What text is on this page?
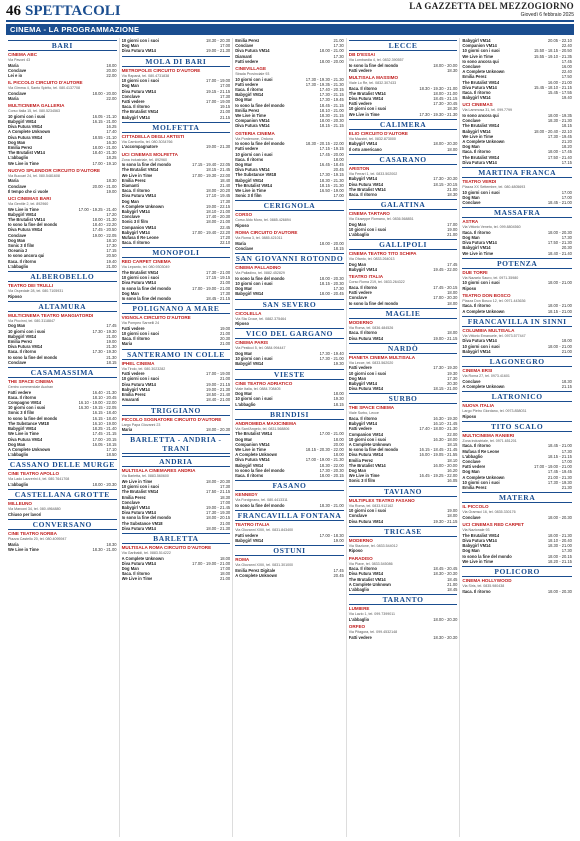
46 SPETTACOLI	LA GAZZETTA DEL MEZZOGIORNO
Giovedì 6 febbraio 2025
CINEMA - LA PROGRAMMAZIONE
BARI
CINEMA ABC
Via Pavoni 43
Maria	18.00
Conclave	20.00
Lei e io	22.00
IL PICCOLO CIRCUITO D'AUTORE
Via Gimma 4, Santo Spirito, tel. 080.4137708
Conclave	18.00 - 20.00
Maria	22.00
MULTICINEMA GALLERIA
Corso Italia 15, tel. 080.5234563
10 giorni con i suoi	16.05 - 21.10
Babygirl VM14	16.15 - 21.00
Diva Futura VM14	16.25
A Complete Unknown	17.40
Diva Futura VM14	18.55 - 21.10
Dog Man	16.30
Emilia Perez	18.00 - 21.00
The Brutalist VM14	18.40 - 21.30
L'abbaglio	18.25
We Live in Time	17.00 - 19.10
NUOVO SPLENDOR CIRCUITO D'AUTORE
Via Buccari 24, tel. 080.5481608
Maria	18.30
Conclave	20.00 - 21.00
Il tempo che ci vuole	19.00
UCI CINEMAS BARI
Via Gentile 2, tel. 892960
We Live in Time	17.00 - 19.25 - 21.40
Babygirl VM14	17.20
The Brutalist VM14	18.00 - 21.30
Io sono la fine del mondo	18.40 - 22.20
Diva Futura VM14	17.45 - 20.50
Conclave	19.00 - 22.05
Dog Man	18.10
Sonic 3 Il film	17.30
Oceania 2	17.15
Io sono ancora qui	20.50
Itaca. Il ritorno	19.40
L'abbaglio	21.00
ALBEROBELLO
TEATRO DEI TRULLI
Via Ospedale 28, tel. 080.7105931
Riposo
ALTAMURA
MULTICINEMA TEATRO MANGIATORDI
Via Piccinni, tel. 080.3118847
Dog Man	17.45
10 giorni con i suoi	17.30 - 19.30
Babygirl VM14	21.00
Emilia Perez	19.00
Diva Futura VM14	21.30
Itaca. Il ritorno	17.30 - 19.30
Io sono la fine del mondo	21.30
Conclave	18.15
CASAMASSIMA
THE SPACE CINEMA
Centro commerciale Auchan
Fatti vedere	16.40 - 21.30
Itaca. Il ritorno	18.10 - 20.45
Compagno VM14	16.10 - 19.00 - 22.00
10 giorni con i suoi	16.30 - 19.15 - 22.05
Sonic 3 Il film	16.15 - 18.40
Io sono la fine del mondo	16.15 - 18.40
The Substance VM18	16.10 - 19.00
Babygirl VM14	18.25 - 21.40
We Live in Time	17.45 - 21.15
Diva Futura VM14	17.00 - 20.15
Dog Man	16.05 - 18.15
A Complete Unknown	17.10
L'abbaglio	18.50
CASSANO DELLE MURGE
CINE TEATRO APOLLO
Via Lado Lazzerini 4, tel. 080.7641708
L'abbaglio	18.00 - 20.30
CASTELLANA GROTTE
MILLEUNO
Via Marconi 34, tel. 080.4964880
Chiuso per lavori
CONVERSANO
CINE TEATRO NORBA
Piazza Castello 20, tel. 080.4095947
Maria	18.30
We Live in Time	18.30 - 21.00
10 giorni con i suoi	18.30 - 20.30
Dog Man	17.00
Diva Futura VM14	19.00 - 21.30
MOLA DI BARI
METROPOLIS CIRCUITO D'AUTORE
Via Rapanà, tel. 080.4731838
10 giorni con i suoi	17.00 - 19.00
Dog Man	17.00
Diva Futura VM14	19.15 - 21.15
Conclave	17.30
Fatti vedere	17.00 - 19.00
Itaca. Il ritorno	19.15
The Brutalist VM14	21.00
Babygirl VM14	21.15
MOLFETTA
CITTADELLA DEGLI ARTISTI
Via Carnicella, tel. 080.3034766
L'accompagnatore	19.00 - 21.30
UCI CINEMAS MOLFETTA
Zona industriale, tel. 892960
Io sono la fine del mondo	17.15 - 19.40 - 22.05
The Brutalist VM14	18.15 - 21.45
We Live in Time	17.00 - 19.30 - 22.00
Emilia Perez	18.40
Diamanti	21.40
Itaca. Il ritorno	18.00 - 20.20
Diva Futura VM14	17.10 - 19.45
Dog Man	17.30
A Complete Unknown	19.00 - 22.15
Babygirl VM14	18.10 - 21.00
Conclave	17.40 - 20.30
Sonic 3 Il film	18.00 - 21.00
Companion VM14	22.45
Babygirl VM14	17.00 - 19.40 - 22.20
Mufasa Il Re Leone	17.20
Itaca. Il ritorno	22.10
MONOPOLI
RED CARPET CINEMA
Via Lepanto, tel. 080.9303049
The Brutalist VM14	17.30 - 21.00
10 giorni con i suoi	17.15 - 19.15
Diva Futura VM14	21.00
Io sono la fine del mondo	17.00 - 19.00 - 21.00
Dog Man	17.30
Io sono la fine del mondo	18.45 - 21.15
POLIGNANO A MARE
VIGNOLA CIRCUITO D'AUTORE
Via Pompeo Sarnelli 24
Fatti vedere	19.00
10 giorni con i suoi	21.00
Itaca. Il ritorno	20.30
Maria	21.00
SANTERAMO IN COLLE
IPHEL CINEMA
Via Tirolo, tel. 080.3023282
Fatti vedere	17.00 - 19.00
10 giorni con i suoi	21.00
Diva Futura VM14	19.00 - 21.15
Babygirl VM14	19.00 - 21.30
Emilia Perez	18.50 - 21.40
Amaranti	18.40 - 21.00
TRIGGIANO
PICCOLO SOGNATORE CIRCUITO D'AUTORE
Largo Papa Giovanni 23
Maria	18.00 - 20.30
BARLETTA - ANDRIA - TRANI
ANDRIA
MULTISALA CINEMARES ANDRIA
Via Barletta, tel. 0883.560600
We Live in Time	18.00 - 20.30
10 giorni con i suoi	17.30
The Brutalist VM14	17.50 - 21.15
Emilia Perez	18.30
Conclave	17.00
Babygirl VM14	19.00 - 21.45
Diva Futura VM14	17.30 - 19.30
Io sono la fine del mondo	18.00 - 20.15
The Substance VM18	21.00
Diva Futura VM14	18.00 - 21.30
BARLETTA
MULTISALA ROMA CIRCUITO D'AUTORE
Via Garibaldi, tel. 0883.514222
A Complete Unknown	18.00
Diva Futura VM14	17.00 - 19.00 - 21.00
Dog Man	17.00
Itaca. Il ritorno	18.00
We Live in Time	21.00
Emilia Perez	21.00
Conclave	17.30
Diva Futura VM14	18.00 - 21.00
Diamanti	17.30
Fatti vedere	18.00 - 20.00
CINEVILLAGE
Strada Provinciale 93
10 giorni con i suoi	17.30 - 19.30 - 21.30
Fatti vedere	17.30 - 19.35 - 21.30
Itaca. Il ritorno	17.40 - 20.15
Babygirl VM14	17.30 - 21.15
Dog Man	17.30 - 19.45
Io sono la fine del mondo	18.45 - 21.15
Emilia Perez	18.10 - 21.00
We Live in Time	18.30 - 21.15
Companion VM14	18.00 - 20.30
Diva Futura VM14	18.15 - 21.15
OSTERIA CINEMA
Via Pordenone, Ordona
Io sono la fine del mondo	18.30 - 20.15 - 22.00
Fatti vedere	17.15 - 19.15
10 giorni con i suoi	17.45 - 20.00
Itaca. Il ritorno	18.00
Dog Man	16.45 - 18.45
Diva Futura VM14	20.45
The Substance VM18	17.30 - 19.15
Babygirl VM14	18.30 - 21.30
The Brutalist VM14	18.15 - 21.30
We Live in Time	16.50 - 19.00
Sonic 3 Il film	17.00
CERIGNOLA
CORSO
Corso Aldo Moro, tel. 0885.426894
Riposo
ROMA CIRCUITO D'AUTORE
Via Roma 3, tel. 0885.421011
Maria	18.00 - 20.00
Conclave	18.15
SAN GIOVANNI ROTONDO
CINEMA PALLADINO
Via Palladino, tel. 0882.452829
Io sono la fine del mondo	18.00 - 20.30
10 giorni con i suoi	18.15 - 20.30
Dog Man	17.30
Babygirl VM14	18.00 - 20.45
SAN SEVERO
CICOLELLA
Via Sta Croce, tel. 0882.375464
Riposo
VICO DEL GARGANO
CINEMA PARIS
Via Pesticci 5, tel. 0884.994447
Dog Man	17.30 - 19.40
10 giorni con i suoi	17.30 - 21.00
Babygirl VM14	19.30
VIESTE
CINE TEATRO ADRIATICO
Viale Italia, tel. 0884.708405
Dog Man	18.00
10 giorni con i suoi	19.30
L'abbaglio	18.15
BRINDISI
ANDROMEDA MAXICINEMA
Via Sant'Angelo, tel. 0831.568806
The Brutalist VM14	17.00 - 21.00
Dog Man	18.00
Companion VM14	20.00
We Live in Time	18.15 - 20.30 - 22.00
A Complete Unknown	18.00
Diva Futura VM14	17.00 - 19.00 - 21.30
Babygirl VM14	18.30 - 22.00
Io sono la fine del mondo	17.30 - 20.30
Itaca. Il ritorno	18.00 - 20.15
FASANO
KENNEDY
Via Forcignano, tel. 080.4413311
Io sono la fine del mondo	18.30 - 21.00
FRANCAVILLA FONTANA
TEATRO ITALIA
Via Giovanni XXIII, tel. 0831.843400
Fatti vedere	17.00 - 18.30
Babygirl VM14	19.00
OSTUNI
ROMA
Via Giovanni XXIII, tel. 0831.301000
Emilia Perez Digitale	17.45
A Complete Unknown	20.45
LECCE
DB D'ESSAI
Via Lombardia 4, tel. 0832.390557
Io sono la fine del mondo	18.00 - 20.00
Fatti vedere	18.30
MULTISALA MASSIMO
Viale Lo Re, tel. 0832.307433
Itaca. Il ritorno	18.30 - 19.30 - 21.00
The Brutalist VM14	18.00 - 21.00
Diva Futura VM14	18.45 - 21.15
Fatti vedere	17.30 - 20.45
10 giorni con i suoi	18.30
We Live in Time	17.30 - 19.30 - 21.30
CALIMERA
ELIO CIRCUITO D'AUTORE
Via Mazzini, tel. 0832.873000
Babygirl VM14	18.00 - 20.30
Il orto americano	18.00
CASARANO
ARISTON
Via Ferrari 1, tel. 0833.502002
Babygirl VM14	17.30 - 20.30
Diva Futura VM14	18.15 - 20.15
The Brutalist VM14	21.00
Itaca. Il ritorno	18.30
GALATINA
CINEMA TARTARO
Via Giuseppe Romano, tel. 0836.568851
Dog Man	17.00
10 giorni con i suoi	19.00
L'abbaglio	21.00
GALLIPOLI
CINEMA TEATRO TITO SCHIPA
Via Ofanto, tel. 0833.264013
Dog Man	17.45
Babygirl VM14	19.45 - 22.00
TEATRO ITALIA
Corso Roma 219, tel. 0833.264322
Itaca. Il ritorno	17.45 - 20.15
Fatti vedere	18.00
Conclave	17.00 - 20.30
Io sono la fine del mondo	18.00
MAGLIE
MODERNO
Via Roma, tel. 0836.484526
Itaca. Il ritorno	18.00
Diva Futura VM14	19.00 - 21.15
NARDÒ
PIANETA CINEMA MULTISALA
Via Lecce, tel. 0833.562020
Fatti vedere	17.30 - 19.30
10 giorni con i suoi	19.30
Dog Man	17.30
Babygirl VM14	20.30
Diva Futura VM14	18.15 - 21.00
SURBO
THE SPACE CINEMA
Viale Surbo, Lecce
Itaca. Il ritorno	16.30 - 19.30
Babygirl VM14	16.10 - 21.45
Fatti vedere	17.40 - 18.00 - 21.30
Companion VM14	22.00
10 giorni con i suoi	16.30 - 18.00
A Complete Unknown	18.15
Io sono la fine del mondo	16.15 - 18.45 - 21.45
Diva Futura VM14	16.00 - 19.05 - 21.55
Emilia Perez	18.10
The Brutalist VM14	16.00 - 20.00
Dog Man	16.20
We Live in Time	16.45 - 19.25 - 22.00
Sonic 3 Il film	16.05
TAVIANO
MULTIPLEX TEATRO FASANO
Via Roma, tel. 0833.912162
10 giorni con i suoi	19.00
Conclave	18.00
Diva Futura VM14	19.30 - 21.15
TRICASE
MODERNO
Via Stazione, tel. 0833.544012
Riposo
PARADISO
Via Piave, tel. 0833.545086
Itaca. Il ritorno	18.45 - 20.45
Diva Futura VM14	18.30 - 20.30
The Brutalist VM14	18.45
A Complete Unknown	21.00
L'abbaglio	18.45
TARANTO
LUMIERE
Via Lazio 1, tel. 099.7399011
L'abbaglio	18.00 - 20.30
ORFEO
Via Pitagora, tel. 099.4532148
Fatti vedere	18.30 - 20.30
Babygirl VM14	20.05 - 22.10
Companion VM14	22.40
10 giorni con i suoi	15.50 - 18.15 - 20.50
We Live in Time	15.55 - 19.10 - 21.35
Io sono ancora qui	17.45
Conclave	16.00
A Complete Unknown	22.40
Emilia Perez	17.50
The Brutalist VM14	16.00 - 21.00
Diva Futura VM14	15.45 - 18.10 - 21.15
Itaca. Il ritorno	15.45 - 17.55
Babygirl VM14	19.40
UCI CINEMAS
Via Lammosa 31, tel. 099.7799
Io sono ancora qui	18.00 - 19.35
Conclave	18.30 - 21.30
The Brutalist VM14	18.15
Babygirl VM14	18.00 - 20.40 - 22.10
We Live in Time	17.30 - 19.45
A Complete Unknown	21.20
Dog Man	18.20
Itaca. Il ritorno	18.00 - 17.45
The Brutalist VM14	17.50 - 21.40
Diva Futura VM14	17.15
MARTINA FRANCA
TEATRO VERDI
Piazza XX Settembre, tel. 080.4805693
10 giorni con i suoi	17.00
Dog Man	17.00
Conclave	18.45 - 21.00
MASSAFRA
ASTRA
Via Vittorio Veneto, tel. 099.8804560
Itaca. Il ritorno	18.00 - 20.30
Dog Man	17.30
Diva Futura VM14	17.50 - 21.30
Babygirl VM14	20.30
We Live in Time	18.40 - 21.40
POTENZA
DUE TORRI
Via Nazario Sauro, tel. 0971.35980
10 giorni con i suoi	18.00 - 21.00
Riposo
TEATRO DON BOSCO
Piazza Don Bosco 12, tel. 0971.443636
Itaca. Il ritorno	18.00 - 21.00
A Complete Unknown	18.15 - 21.00
FRANCAVILLA IN SINNI
COLUMBIA MULTISALA
Via Vittorio Emanuele, tel. 0973.577447
Diva Futura VM14	18.00
10 giorni con i suoi	18.00 - 21.00
Babygirl VM14	21.00
LAGONEGRO
CINEMA ERSI
Via Roma 27, tel. 0973.41601
Conclave	18.30
A Complete Unknown	21.15
LATRONICO
NUOVA ITALIA
Largo Pietro Giordano, tel. 0973.858031
Riposo
TITO SCALO
MULTICINEMA RANIERI
Zona industriale, tel. 0971.651201
Itaca. Il ritorno	18.45 - 21.00
Mufasa Il Re Leone	17.30
L'abbaglio	18.15 - 21.15
Conclave	17.00
Fatti vedere	17.00 - 19.00 - 21.00
Dog Man	17.45 - 19.45
A Complete Unknown	21.00 - 21.30
10 giorni con i suoi	17.30 - 19.30
Emilia Perez	21.30
MATERA
IL PICCOLO
Via Gramsci 16, tel. 0835.330176
Conclave	18.00 - 20.30
UCI CINEMAS RED CARPET
Via Nazionale 93
The Brutalist VM14	18.00 - 21.30
Diva Futura VM14	18.10 - 20.40
Babygirl VM14	18.30 - 21.00
Dog Man	17.30
Io sono la fine del mondo	18.00 - 20.15
We Live in Time	18.20 - 21.15
POLICORO
CINEMA HOLLYWOOD
Via Siris, tel. 0835.980438
Itaca. Il ritorno	18.00 - 20.30
